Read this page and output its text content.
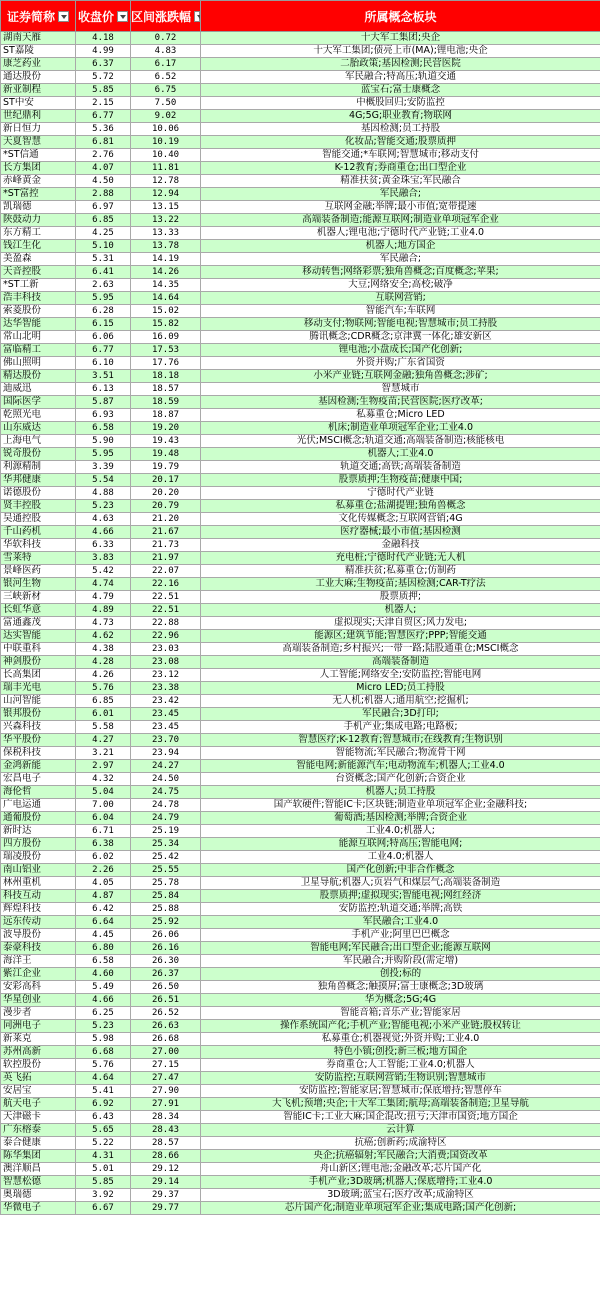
证券简称	收盘价	区间涨跌幅	所属概念板块

湖南天雁	4.18	0.72	十大军工集团;央企
ST嘉陵	4.99	4.83	十大军工集团;债亮上市(MA);锂电池;央企
康芝药业	6.37	6.17	二胎政策;基因检测;民营医院
通达股份	5.72	6.52	军民融合;特高压;轨道交通
新亚制程	5.85	6.75	蓝宝石;富士康概念
ST中安	2.15	7.50	中概股回归;安防监控
世纪鼎利	6.77	9.02	4G;5G;职业教育;物联网
新日恒力	5.36	10.06	基因检测;员工持股
天夏智慧	6.81	10.19	化妆品;智能交通;股票质押
*ST信通	2.76	10.40	智能交通;*车联网;智慧城市;移动支付
长方集团	4.07	11.81	K-12教育;券商重仓;出口型企业
赤峰黄金	4.50	12.78	精准扶贫;黄金珠宝;军民融合
*ST富控	2.88	12.94	军民融合;
凯瑞德	6.97	13.15	互联网金融;举牌;最小市值;宽带提速
陕鼓动力	6.85	13.22	高端装备制造;能源互联网;制造业单项冠军企业
东方精工	4.25	13.33	机器人;锂电池;宁德时代产业链;工业4.0
钱江生化	5.10	13.78	机器人;地方国企
美盈森	5.31	14.19	军民融合;
天音控股	6.41	14.26	移动转售;网络彩票;独角兽概念;百度概念;苹果;
*ST工新	2.63	14.35	大豆;网络安全;高校;破净
浩丰科技	5.95	14.64	互联网营销;
索菱股份	6.28	15.02	智能汽车;车联网
达华智能	6.15	15.82	移动支付;物联网;智能电视;智慧城市;员工持股
常山北明	6.06	16.09	腾讯概念;CDR概念;京津冀一体化;雄安新区
富临精工	6.77	17.53	锂电池;小盘成长;国产化创新;
佛山照明	6.10	17.76	外资并购;广东省国资
精达股份	3.51	18.18	小米产业链;互联网金融;独角兽概念;涉矿;
迪威迅	6.13	18.57	智慧城市
国际医学	5.87	18.59	基因检测;生物疫苗;民营医院;医疗改革;
乾照光电	6.93	18.87	私募重仓;Micro LED
山东威达	6.58	19.20	机床;制造业单项冠军企业;工业4.0
上海电气	5.90	19.43	光伏;MSCI概念;轨道交通;高端装备制造;核能核电
锐奇股份	5.95	19.48	机器人;工业4.0
利源精制	3.39	19.79	轨道交通;高铁;高端装备制造
华邦健康	5.54	20.17	股票质押;生物疫苗;健康中国;
诺德股份	4.88	20.20	宁德时代产业链
贤丰控股	5.23	20.79	私募重仓;盐湖提锂;独角兽概念
吴通控股	4.63	21.20	文化传媒概念;互联网营销;4G
千山药机	4.66	21.67	医疗器械;最小市值;基因检测
华软科技	6.33	21.73	金融科技
雪莱特	3.83	21.97	充电桩;宁德时代产业链;无人机
景峰医药	5.42	22.07	精准扶贫;私募重仓;仿制药
银河生物	4.74	22.16	工业大麻;生物疫苗;基因检测;CAR-T疗法
三峡新材	4.79	22.51	股票质押;
长虹华意	4.89	22.51	机器人;
富通鑫茂	4.73	22.88	虚拟现实;天津自贸区;风力发电;
达实智能	4.62	22.96	能源区;建筑节能;智慧医疗;PPP;智能交通
中联重科	4.38	23.03	高端装备制造;乡村振兴;一带一路;陆股通重仓;MSCI概念
神剑股份	4.28	23.08	高端装备制造
长高集团	4.26	23.12	人工智能;网络安全;安防监控;智能电网
瑞丰光电	5.76	23.38	Micro LED;员工持股
山河智能	6.85	23.42	无人机;机器人;通用航空;挖掘机;
银邦股份	6.01	23.45	军民融合;3D打印;
兴森科技	5.58	23.45	手机产业;集成电路;电路板;
华平股份	4.27	23.70	智慧医疗;K-12教育;智慧城市;在线教育;生物识别
保税科技	3.21	23.94	智能物流;军民融合;物流骨干网
金鸿新能	2.97	24.27	智能电网;新能源汽车;电动物流车;机器人;工业4.0
宏昌电子	4.32	24.50	台资概念;国产化创新;合资企业
海伦哲	5.04	24.75	机器人;员工持股
广电运通	7.00	24.78	国产软硬件;智能IC卡;区块链;制造业单项冠军企业;金融科技;
通葡股份	6.04	24.79	葡萄酒;基因检测;举牌;合资企业
新时达	6.71	25.19	工业4.0;机器人;
四方股份	6.38	25.34	能源互联网;特高压;智能电网;
瑞凌股份	6.02	25.42	工业4.0;机器人
南山铝业	2.26	25.55	国产化创新;中非合作概念
林州重机	4.05	25.78	卫星导航;机器人;页岩气和煤层气;高端装备制造
科技互动	4.87	25.84	股票质押;虚拟现实;智能电视;网红经济
辉煌科技	6.42	25.88	安防监控;轨道交通;举牌;高铁
远东传动	6.64	25.92	军民融合;工业4.0
波导股份	4.45	26.06	手机产业;阿里巴巴概念
泰豪科技	6.80	26.16	智能电网;军民融合;出口型企业;能源互联网
海洋王	6.58	26.30	军民融合;并购阶段(需定增)
紫江企业	4.60	26.37	创投;标的
安彩高科	5.49	26.50	独角兽概念;触摸屏;富士康概念;3D玻璃
华星创业	4.66	26.51	华为概念;5G;4G
漫步者	6.25	26.52	智能音箱;音乐产业;智能家居
同洲电子	5.23	26.63	操作系统国产化;手机产业;智能电视;小米产业链;股权转让
新莱克	5.98	26.68	私募重仓;机器视觉;外资并购;工业4.0
苏州高新	6.68	27.00	特色小镇;创投;新三板;地方国企
软控股份	5.76	27.15	券商重仓;人工智能;工业4.0;机器人
英飞拓	4.64	27.47	安防监控;互联网营销;生物识别;智慧城市
安居宝	5.41	27.90	安防监控;智能家居;智慧城市;保底增持;智慧停车
航天电子	6.92	27.91	大飞机;预增;央企;十大军工集团;航母;高端装备制造;卫星导航
天津磁卡	6.43	28.34	智能IC卡;工业大麻;国企混改;扭亏;天津市国资;地方国企
广东榕泰	5.65	28.43	云计算
泰合健康	5.22	28.57	抗癌;创新药;成渝特区
陈华集团	4.31	28.66	央企;抗癌辐射;军民融合;大消费;国资改革
澳洋顺昌	5.01	29.12	舟山新区;锂电池;金融改革;芯片国产化
智慧松德	5.85	29.14	手机产业;3D玻璃;机器人;保底增持;工业4.0
奥瑞德	3.92	29.37	3D玻璃;蓝宝石;医疗改革;成渝特区
华微电子	6.67	29.77	芯片国产化;制造业单项冠军企业;集成电路;国产化创新;
